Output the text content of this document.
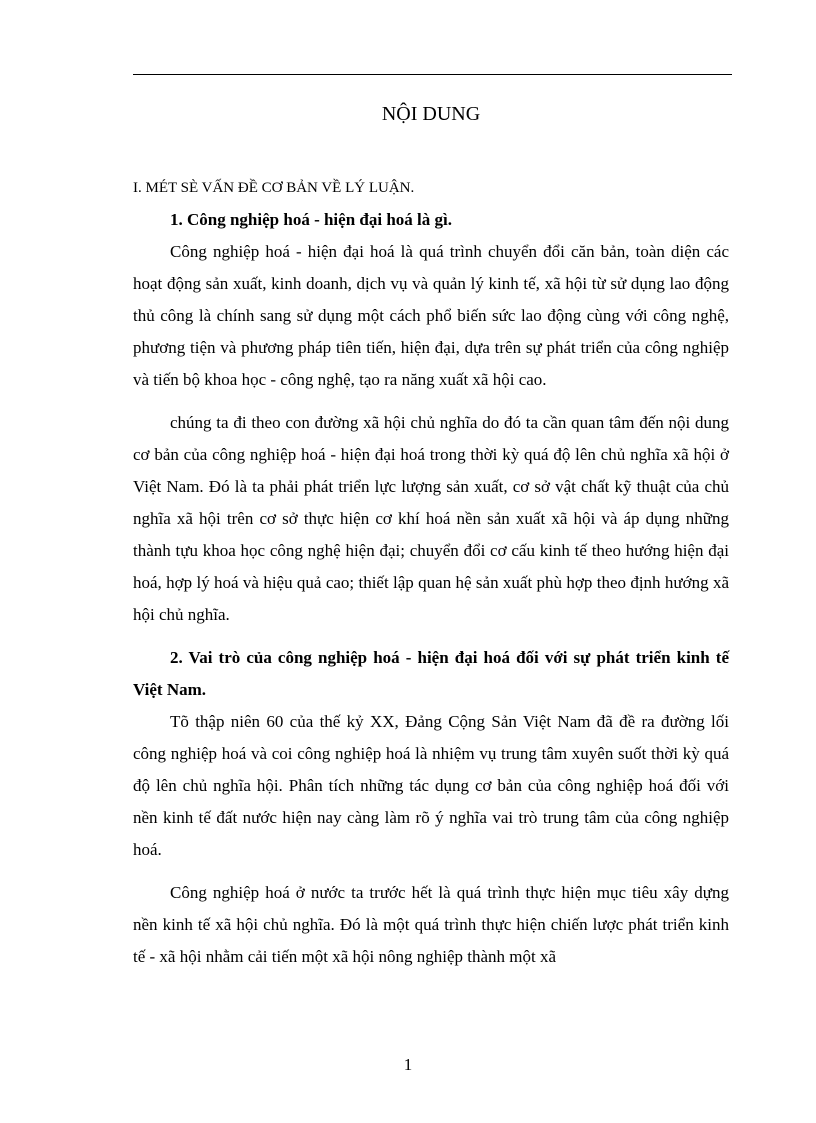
NỘI DUNG

I. MÉT SÈ VẤN ĐỀ CƠ BẢN VỀ LÝ LUẬN.

1. Công nghiệp hoá - hiện đại hoá là gì.

Công nghiệp hoá - hiện đại hoá là quá trình chuyển đổi căn bản, toàn diện các hoạt động sản xuất, kinh doanh, dịch vụ và quản lý kinh tế, xã hội từ sử dụng lao động thủ công là chính sang sử dụng một cách phổ biến sức lao động cùng với công nghệ, phương tiện và phương pháp tiên tiến, hiện đại, dựa trên sự phát triển của công nghiệp và tiến bộ khoa học - công nghệ, tạo ra năng xuất xã hội cao.

chúng ta đi theo con đường xã hội chủ nghĩa do đó ta cần quan tâm đến nội dung cơ bản của công nghiệp hoá - hiện đại hoá trong thời kỳ quá độ lên chủ nghĩa xã hội ở Việt Nam. Đó là ta phải phát triển lực lượng sản xuất, cơ sở vật chất kỹ thuật của chủ nghĩa xã hội trên cơ sở thực hiện cơ khí hoá nền sản xuất xã hội và áp dụng những thành tựu khoa học công nghệ hiện đại; chuyển đổi cơ cấu kinh tế theo hướng hiện đại hoá, hợp lý hoá và hiệu quả cao; thiết lập quan hệ sản xuất phù hợp theo định hướng xã hội chủ nghĩa.

2. Vai trò của công nghiệp hoá - hiện đại hoá đối với sự phát triển kinh tế Việt Nam.

Tõ thập niên 60 của thế kỷ XX, Đảng Cộng Sản Việt Nam đã đề ra đường lối công nghiệp hoá và coi công nghiệp hoá là nhiệm vụ trung tâm xuyên suốt thời kỳ quá độ lên chủ nghĩa hội. Phân tích những tác dụng cơ bản của công nghiệp hoá đối với nền kinh tế đất nước hiện nay càng làm rõ ý nghĩa vai trò trung tâm của công nghiệp hoá.

Công nghiệp hoá ở nước ta trước hết là quá trình thực hiện mục tiêu xây dựng nền kinh tế xã hội chủ nghĩa. Đó là một quá trình thực hiện chiến lược phát triển kinh tế - xã hội nhằm cải tiến một xã hội nông nghiệp thành một xã

1
